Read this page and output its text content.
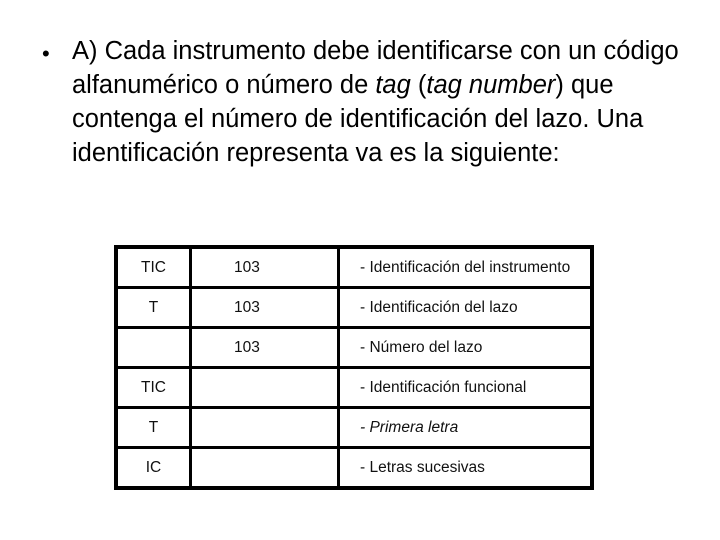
• A) Cada instrumento debe identificarse con un código alfanumérico o número de tag (tag number) que contenga el número de identificación del lazo. Una identificación representa va es la siguiente:
TIC	103	- Identificación del instrumento
T	103	- Identificación del lazo
	103	- Número del lazo
TIC		- Identificación funcional
T		- Primera letra
IC		- Letras sucesivas
